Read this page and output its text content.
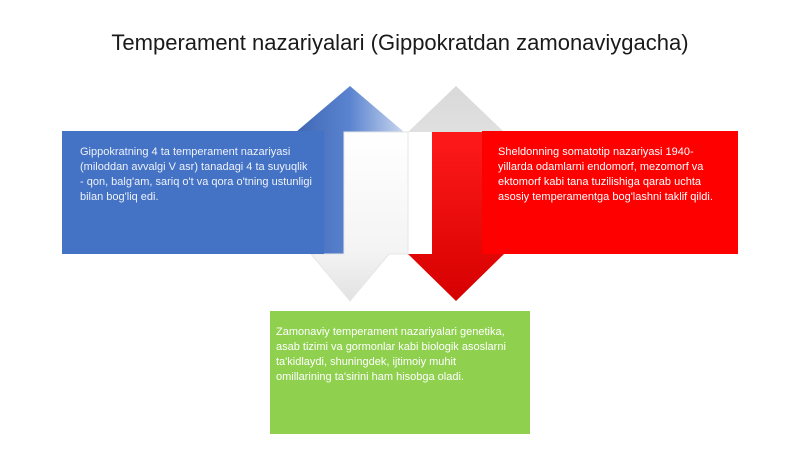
Temperament nazariyalari (Gippokratdan zamonaviygacha)
Gippokratning 4 ta temperament nazariyasi (miloddan avvalgi V asr) tanadagi 4 ta suyuqlik - qon, balg'am, sariq o't va qora o'tning ustunligi bilan bog'liq edi.
Sheldonning somatotip nazariyasi 1940-yillarda odamlarni endomorf, mezomorf va ektomorf kabi tana tuzilishiga qarab uchta asosiy temperamentga bog'lashni taklif qildi.
Zamonaviy temperament nazariyalari genetika, asab tizimi va gormonlar kabi biologik asoslarni ta'kidlaydi, shuningdek, ijtimoiy muhit omillarining ta'sirini ham hisobga oladi.
